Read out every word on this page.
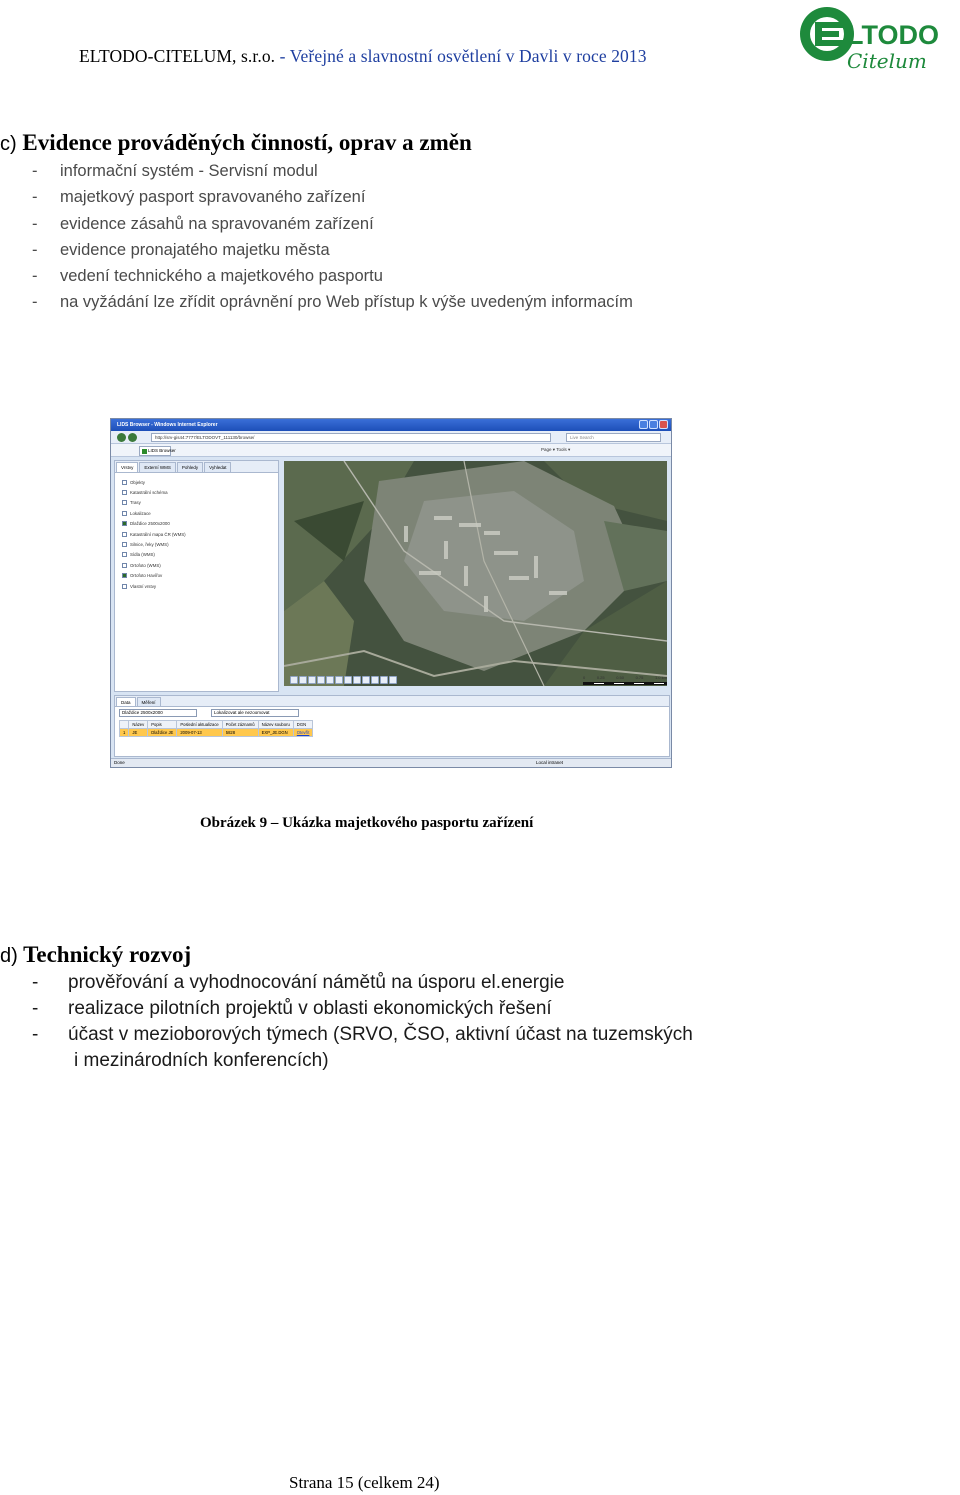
ELTODO-CITELUM, s.r.o. - Veřejné a slavnostní osvětlení v Davli v roce 2013
LTODO
Citelum
c) Evidence prováděných činností, oprav a změn
- informační systém - Servisní modul
- majetkový pasport spravovaného zařízení
- evidence zásahů na spravovaném zařízení
- evidence pronajatého majetku města
- vedení technického a majetkového pasportu
- na vyžádání lze zřídit oprávnění pro Web přístup k výše uvedeným informacím
LIDS Browser - Windows Internet Explorer
http://srv-gis44:7777/ELTODOVT_111130/browse/	Live Search
LIDS Browser	Page ▾ Tools ▾
Vrstvy	Externí WMS	Pohledy	Vyhledat
Objekty
Katastrální schéma
Trasy
Lokalizace
Dlaždice 2500x2000
Katastrální mapa ČR (WMS)
Silnice, řeky (WMS)
Sídla (WMS)
Ortofoto (WMS)
Ortofoto Havířov
Vlastní vrstvy
0	0.25	0.50	0.75	1.0 km
Data	Měření
Dlaždice 2500x2000	Lokalizovat ale nezoomovat
	Název	Popis	Poslední aktualizace	Počet záznamů	Název souboru	DGN
1	JE	Dlaždice JE	2009-07-13	5828	EXP_JE.DGN	Otevřít
Done	Local intranet
Obrázek 9 – Ukázka majetkového pasportu zařízení
d) Technický rozvoj
- prověřování a vyhodnocování námětů na úsporu el.energie
- realizace pilotních projektů v oblasti ekonomických řešení
- účast v mezioborových týmech (SRVO, ČSO, aktivní účast na tuzemských
i mezinárodních konferencích)
Strana 15 (celkem 24)
